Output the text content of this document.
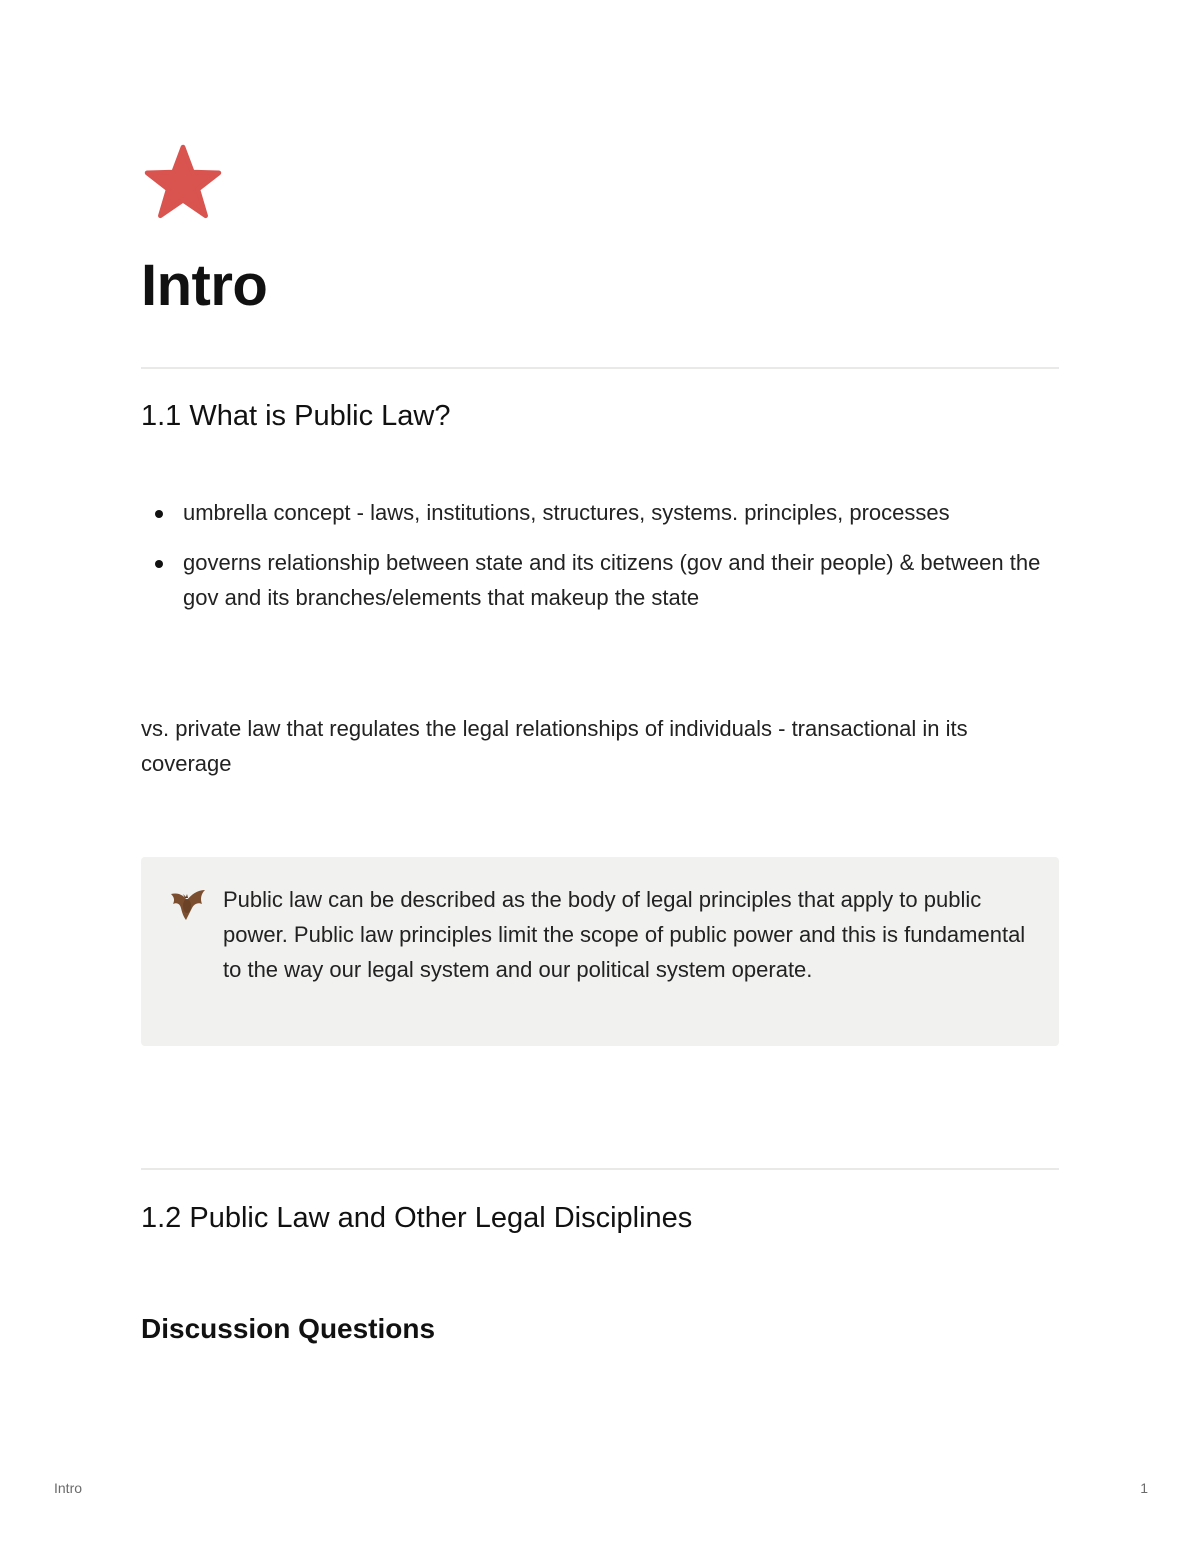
Intro
1.1 What is Public Law?
umbrella concept - laws, institutions, structures, systems. principles, processes
governs relationship between state and its citizens (gov and their people) & between the gov and its branches/elements that makeup the state

vs. private law that regulates the legal relationships of individuals - transactional in its coverage

Public law can be described as the body of legal principles that apply to public power. Public law principles limit the scope of public power and this is fundamental to the way our legal system and our political system operate.

1.2 Public Law and Other Legal Disciplines
Discussion Questions
Intro	1
